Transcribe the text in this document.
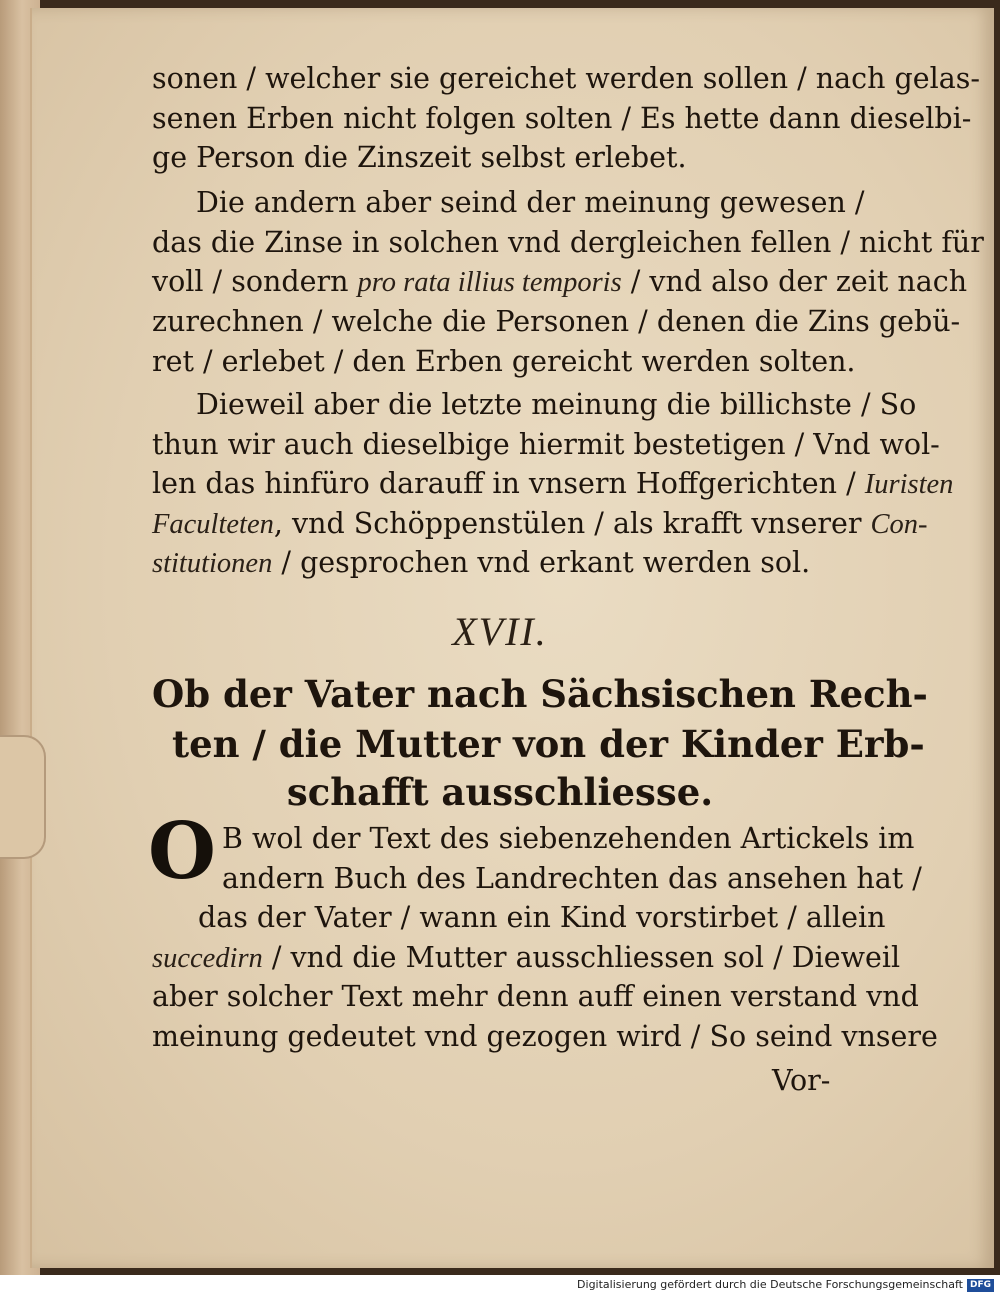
sonen / welcher sie gereichet werden sollen / nach gelas-
senen Erben nicht folgen solten / Es hette dann dieselbi-
ge Person die Zinszeit selbst erlebet.
Die andern aber seind der meinung gewesen /
das die Zinse in solchen vnd dergleichen fellen / nicht für
voll / sondern pro rata illius temporis / vnd also der zeit nach
zurechnen / welche die Personen / denen die Zins gebü-
ret / erlebet / den Erben gereicht werden solten.
Dieweil aber die letzte meinung die billichste / So
thun wir auch dieselbige hiermit bestetigen / Vnd wol-
len das hinfüro darauff in vnsern Hoffgerichten / Iuristen
Faculteten, vnd Schöppenstülen / als krafft vnserer Con-
stitutionen / gesprochen vnd erkant werden sol.
XVII.
Ob der Vater nach Sächsischen Rech-
ten / die Mutter von der Kinder Erb-
schafft ausschliesse.
O B wol der Text des siebenzehenden Artickels im
andern Buch des Landrechten das ansehen hat /
das der Vater / wann ein Kind vorstirbet / allein
succedirn / vnd die Mutter ausschliessen sol / Dieweil
aber solcher Text mehr denn auff einen verstand vnd
meinung gedeutet vnd gezogen wird / So seind vnsere
Vor-
Digitalisierung gefördert durch die Deutsche Forschungsgemeinschaft DFG
